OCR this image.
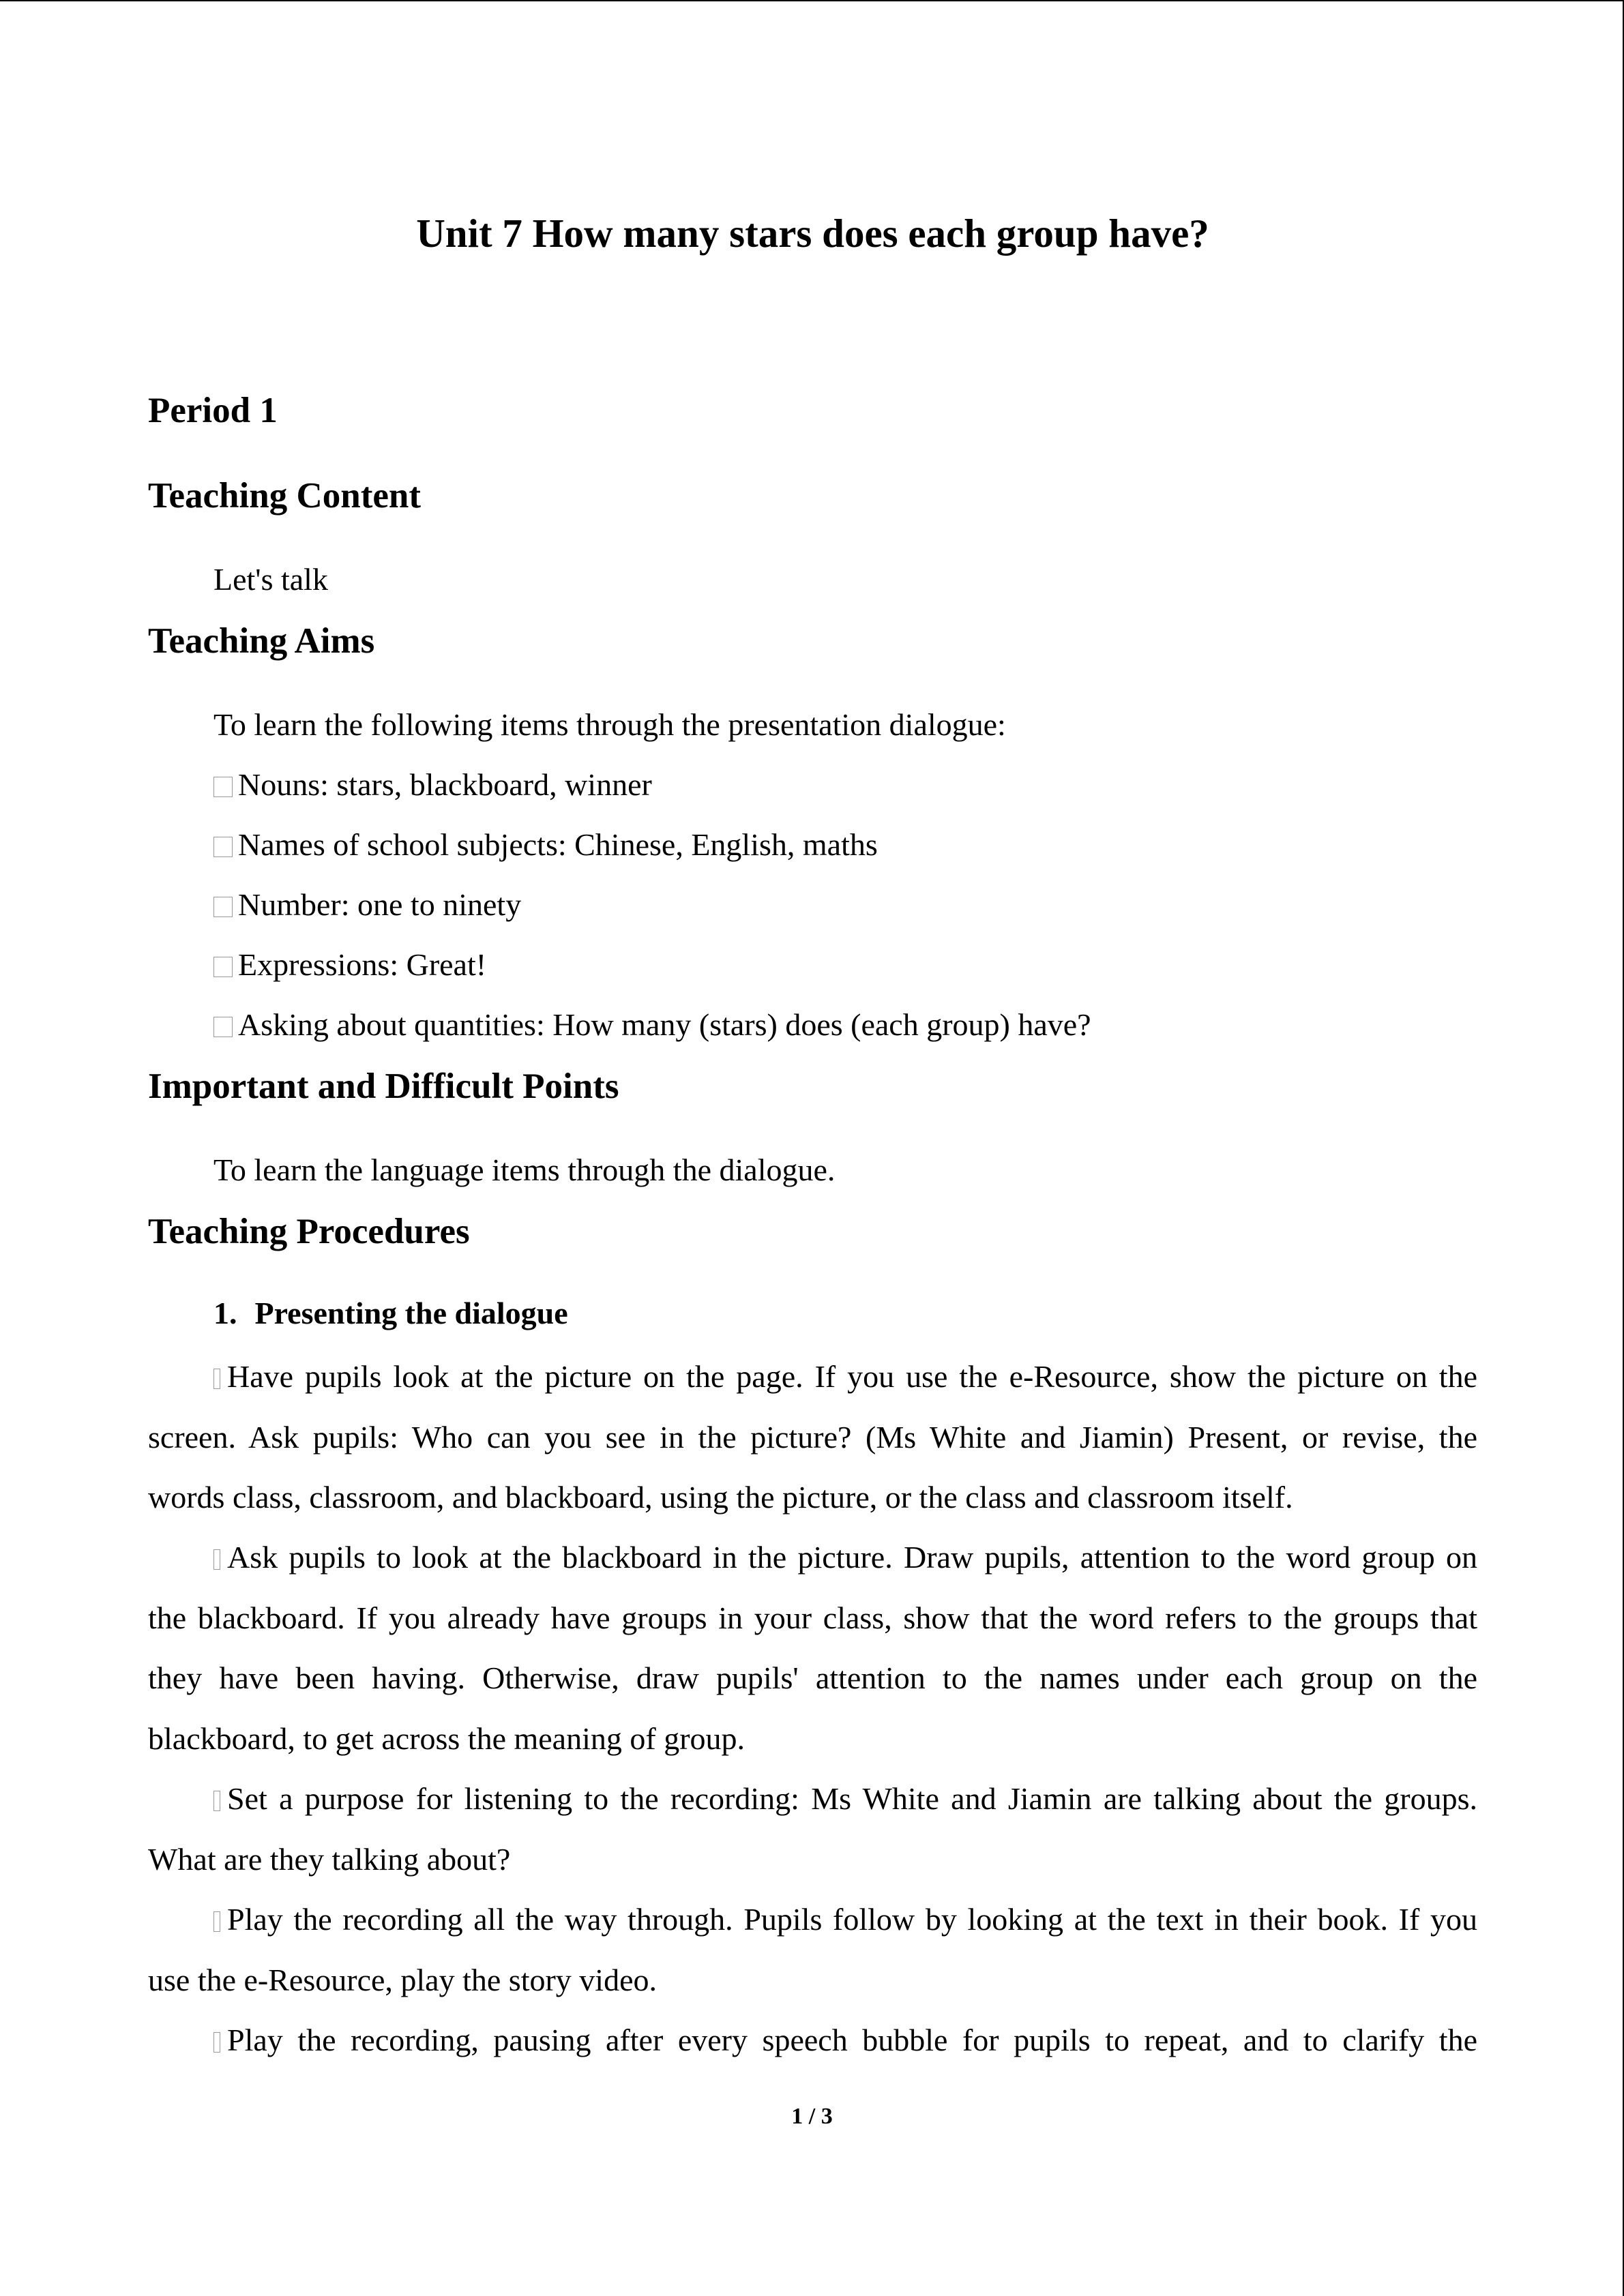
Unit 7 How many stars does each group have?
Period 1
Teaching Content
Let's talk
Teaching Aims
To learn the following items through the presentation dialogue:
Nouns: stars, blackboard, winner
Names of school subjects: Chinese, English, maths
Number: one to ninety
Expressions: Great!
Asking about quantities: How many (stars) does (each group) have?
Important and Difficult Points
To learn the language items through the dialogue.
Teaching Procedures
1. Presenting the dialogue
Have pupils look at the picture on the page. If you use the e-Resource, show the picture on the
screen. Ask pupils: Who can you see in the picture? (Ms White and Jiamin) Present, or revise, the
words class, classroom, and blackboard, using the picture, or the class and classroom itself.
Ask pupils to look at the blackboard in the picture. Draw pupils, attention to the word group on
the blackboard. If you already have groups in your class, show that the word refers to the groups that
they have been having. Otherwise, draw pupils' attention to the names under each group on the
blackboard, to get across the meaning of group.
Set a purpose for listening to the recording: Ms White and Jiamin are talking about the groups.
What are they talking about?
Play the recording all the way through. Pupils follow by looking at the text in their book. If you
use the e-Resource, play the story video.
Play the recording, pausing after every speech bubble for pupils to repeat, and to clarify the
1 / 3
